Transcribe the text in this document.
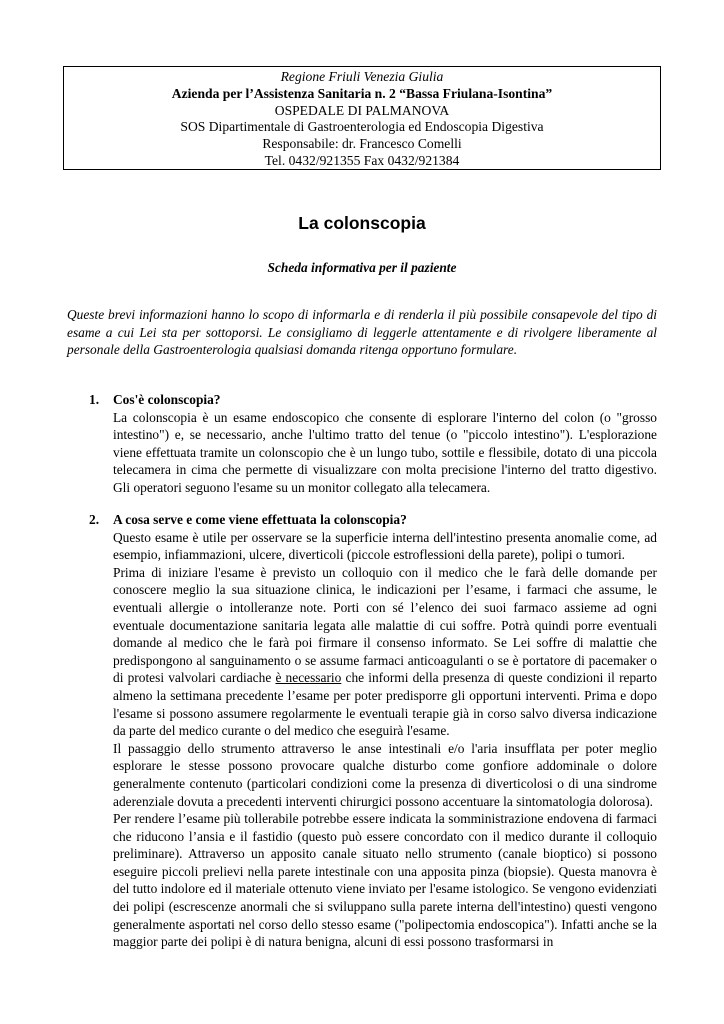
Regione Friuli Venezia Giulia
Azienda per l’Assistenza Sanitaria n. 2 “Bassa Friulana-Isontina”
OSPEDALE DI PALMANOVA
SOS Dipartimentale di Gastroenterologia ed Endoscopia Digestiva
Responsabile: dr. Francesco Comelli
Tel. 0432/921355 Fax 0432/921384
La colonscopia
Scheda informativa per il paziente
Queste brevi informazioni hanno lo scopo di informarla e di renderla il più possibile consapevole del tipo di esame a cui Lei sta per sottoporsi. Le consigliamo di leggerle attentamente e di rivolgere liberamente al personale della Gastroenterologia qualsiasi domanda ritenga opportuno formulare.
1. Cos'è colonscopia?

La colonscopia è un esame endoscopico che consente di esplorare l'interno del colon (o "grosso intestino") e, se necessario, anche l'ultimo tratto del tenue (o "piccolo intestino"). L'esplorazione viene effettuata tramite un colonscopio che è un lungo tubo, sottile e flessibile, dotato di una piccola telecamera in cima che permette di visualizzare con molta precisione l'interno del tratto digestivo. Gli operatori seguono l'esame su un monitor collegato alla telecamera.

2. A cosa serve e come viene effettuata la colonscopia?

Questo esame è utile per osservare se la superficie interna dell'intestino presenta anomalie come, ad esempio, infiammazioni, ulcere, diverticoli (piccole estroflessioni della parete), polipi o tumori.

Prima di iniziare l'esame è previsto un colloquio con il medico che le farà delle domande per conoscere meglio la sua situazione clinica, le indicazioni per l’esame, i farmaci che assume, le eventuali allergie o intolleranze note. Porti con sé l’elenco dei suoi farmaco assieme ad ogni eventuale documentazione sanitaria legata alle malattie di cui soffre. Potrà quindi porre eventuali domande al medico che le farà poi firmare il consenso informato. Se Lei soffre di malattie che predispongono al sanguinamento o se assume farmaci anticoagulanti o se è portatore di pacemaker o di protesi valvolari cardiache è necessario che informi della presenza di queste condizioni il reparto almeno la settimana precedente l’esame per poter predisporre gli opportuni interventi. Prima e dopo l'esame si possono assumere regolarmente le eventuali terapie già in corso salvo diversa indicazione da parte del medico curante o del medico che eseguirà l'esame.

Il passaggio dello strumento attraverso le anse intestinali e/o l'aria insufflata per poter meglio esplorare le stesse possono provocare qualche disturbo come gonfiore addominale o dolore generalmente contenuto (particolari condizioni come la presenza di diverticolosi o di una sindrome aderenziale dovuta a precedenti interventi chirurgici possono accentuare la sintomatologia dolorosa).

Per rendere l’esame più tollerabile potrebbe essere indicata la somministrazione endovena di farmaci che riducono l’ansia e il fastidio (questo può essere concordato con il medico durante il colloquio preliminare). Attraverso un apposito canale situato nello strumento (canale bioptico) si possono eseguire piccoli prelievi nella parete intestinale con una apposita pinza (biopsie). Questa manovra è del tutto indolore ed il materiale ottenuto viene inviato per l'esame istologico. Se vengono evidenziati dei polipi (escrescenze anormali che si sviluppano sulla parete interna dell'intestino) questi vengono generalmente asportati nel corso dello stesso esame ("polipectomia endoscopica"). Infatti anche se la maggior parte dei polipi è di natura benigna, alcuni di essi possono trasformarsi in
